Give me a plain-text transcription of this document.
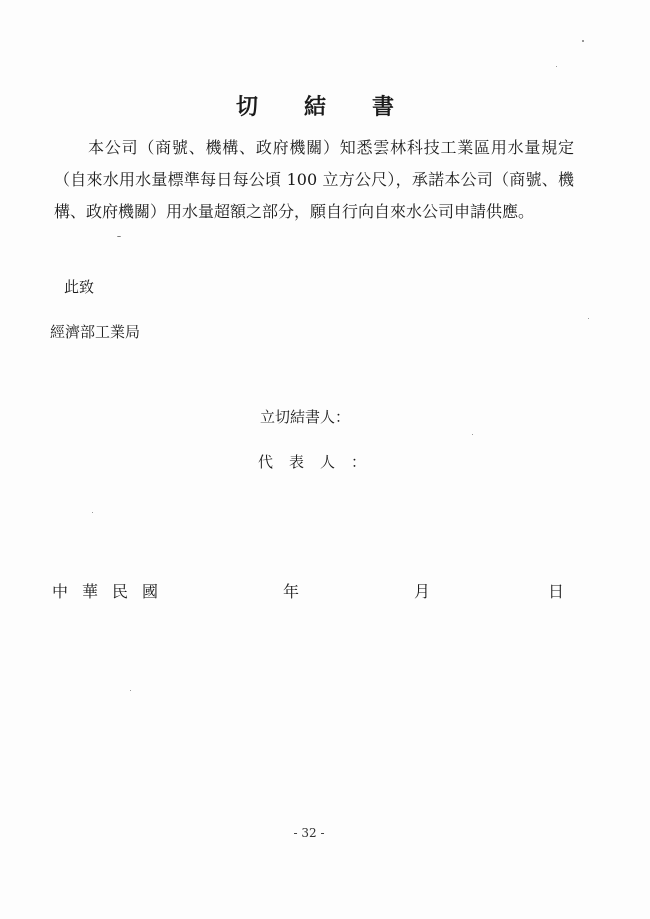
切結書

本公司（商號、機構、政府機關）知悉雲林科技工業區用水量規定（自來水用水量標準每日每公頃 100 立方公尺），承諾本公司（商號、機構、政府機關）用水量超額之部分，願自行向自來水公司申請供應。

此致
經濟部工業局
立切結書人：
代表人：
中華民國	年	月	日
- 32 -
